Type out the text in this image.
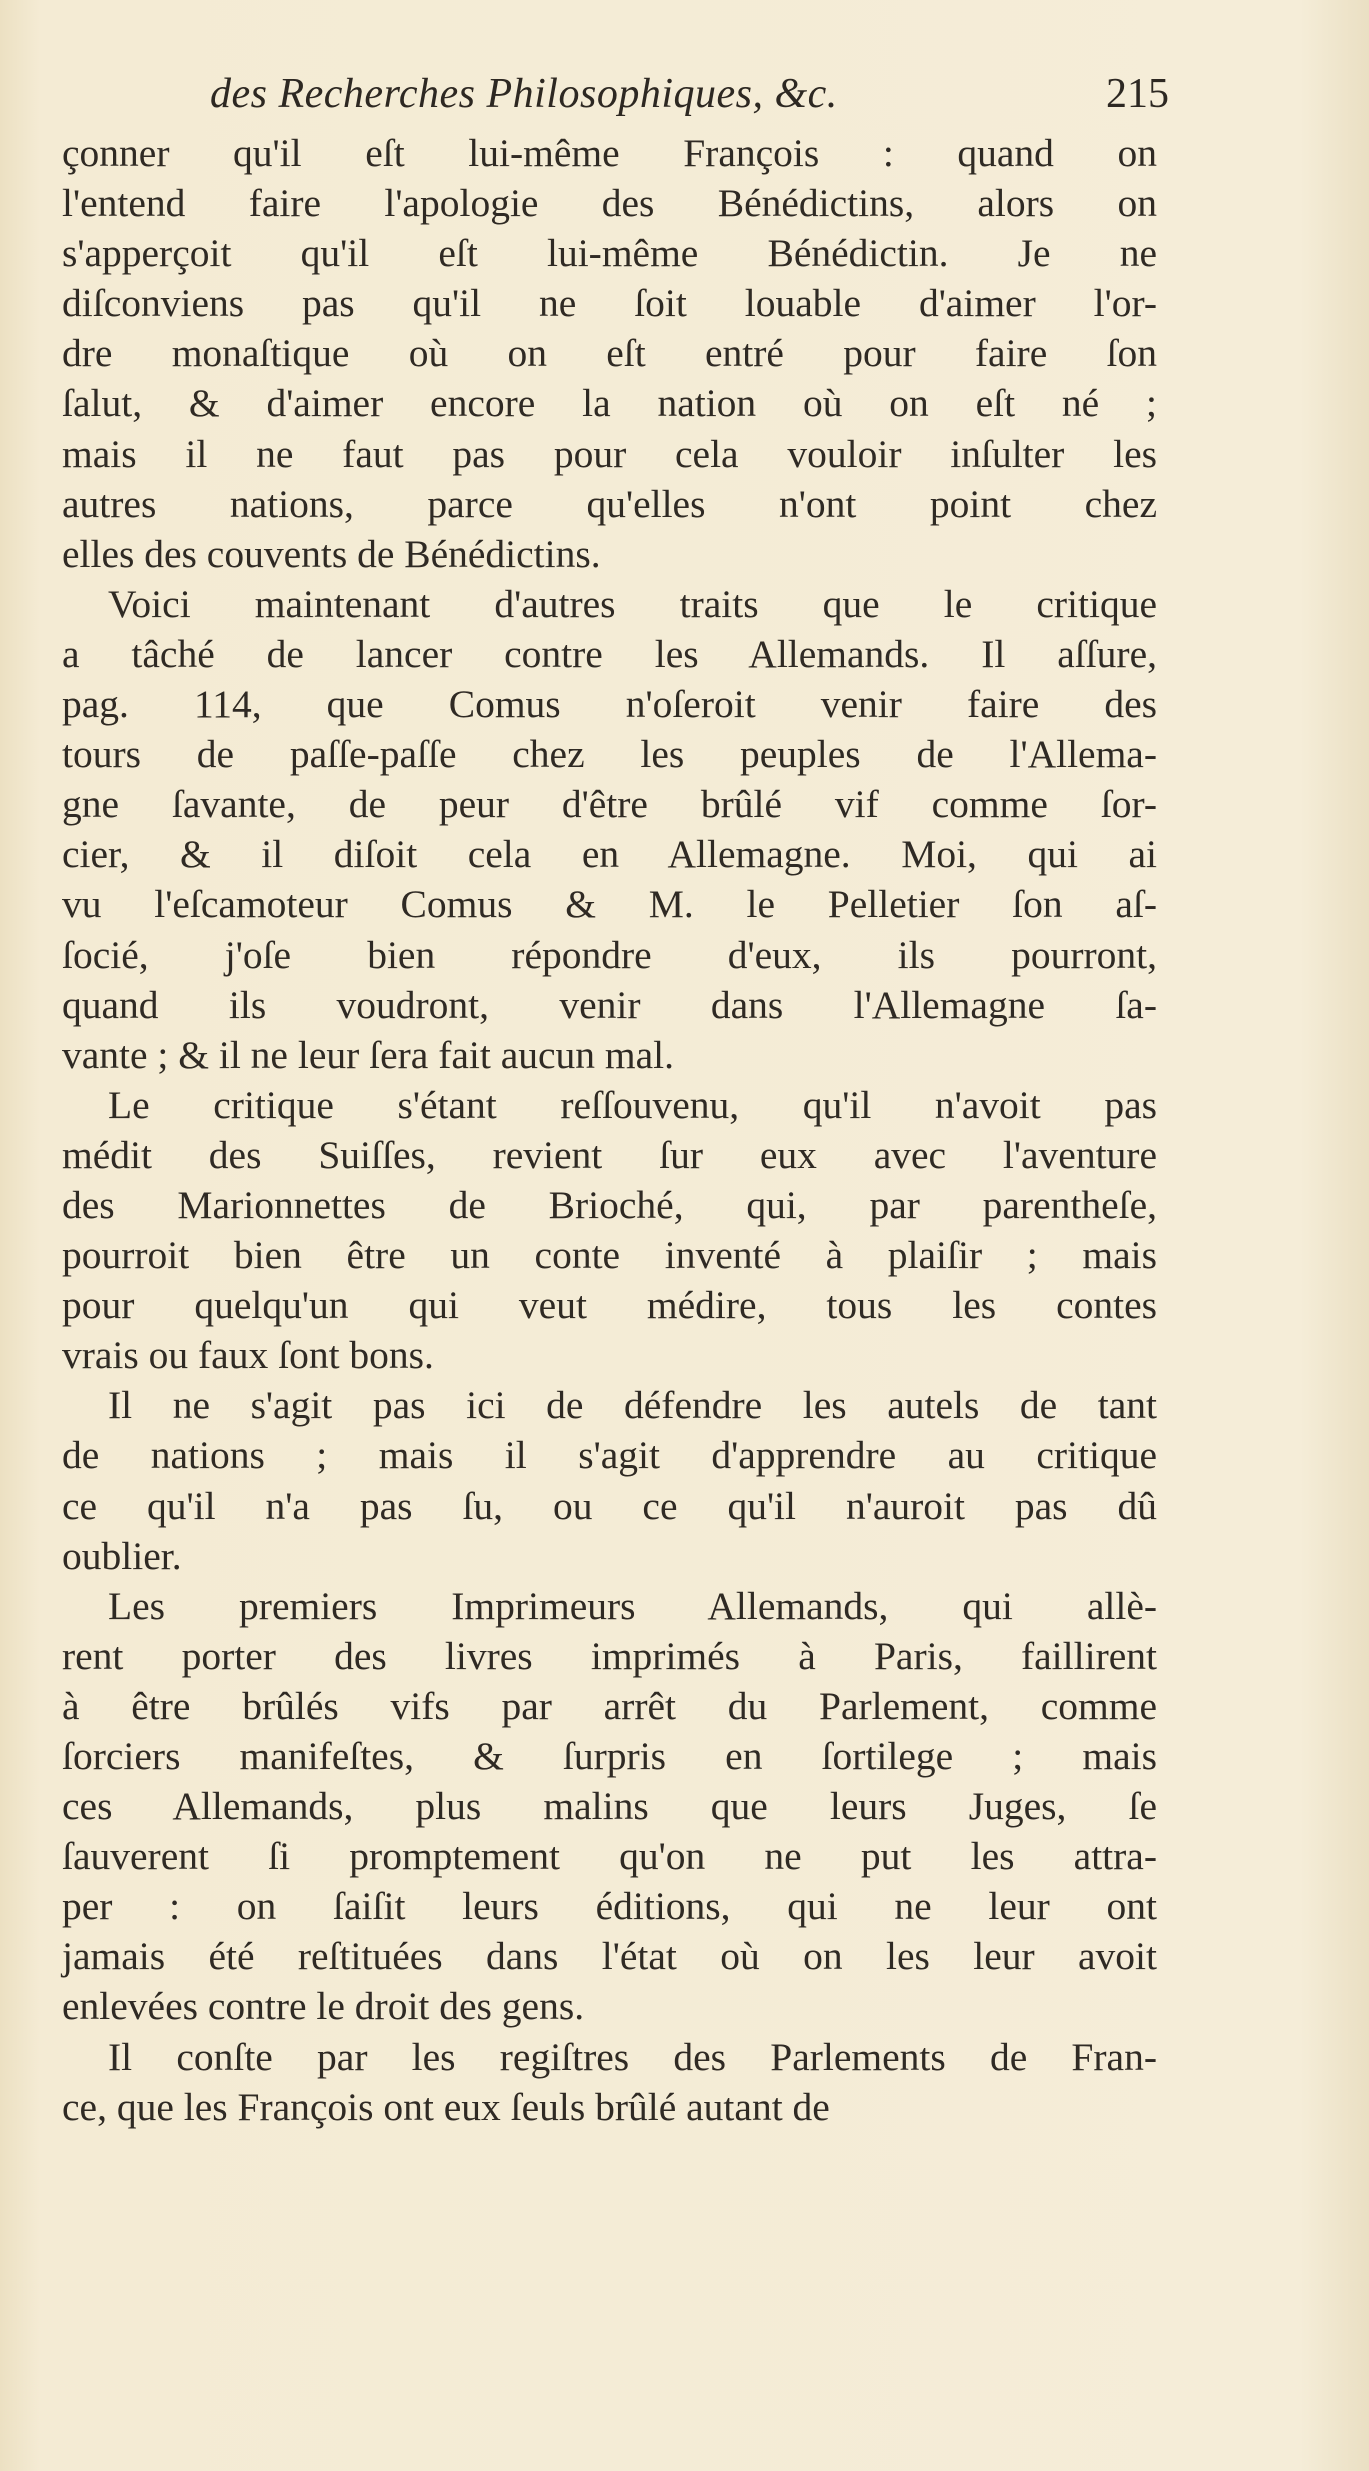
des Recherches Philosophiques, &c.	215

çonner qu'il eſt lui-même François : quand on
l'entend faire l'apologie des Bénédictins, alors on
s'apperçoit qu'il eſt lui-même Bénédictin. Je ne
diſconviens pas qu'il ne ſoit louable d'aimer l'or-
dre monaſtique où on eſt entré pour faire ſon
ſalut, & d'aimer encore la nation où on eſt né ;
mais il ne faut pas pour cela vouloir inſulter les
autres nations, parce qu'elles n'ont point chez
elles des couvents de Bénédictins.

Voici maintenant d'autres traits que le critique
a tâché de lancer contre les Allemands. Il aſſure,
pag. 114, que Comus n'oſeroit venir faire des
tours de paſſe-paſſe chez les peuples de l'Allema-
gne ſavante, de peur d'être brûlé vif comme ſor-
cier, & il diſoit cela en Allemagne. Moi, qui ai
vu l'eſcamoteur Comus & M. le Pelletier ſon aſ-
ſocié, j'oſe bien répondre d'eux, ils pourront,
quand ils voudront, venir dans l'Allemagne ſa-
vante ; & il ne leur ſera fait aucun mal.

Le critique s'étant reſſouvenu, qu'il n'avoit pas
médit des Suiſſes, revient ſur eux avec l'aventure
des Marionnettes de Brioché, qui, par parentheſe,
pourroit bien être un conte inventé à plaiſir ; mais
pour quelqu'un qui veut médire, tous les contes
vrais ou faux ſont bons.

Il ne s'agit pas ici de défendre les autels de tant
de nations ; mais il s'agit d'apprendre au critique
ce qu'il n'a pas ſu, ou ce qu'il n'auroit pas dû
oublier.

Les premiers Imprimeurs Allemands, qui allè-
rent porter des livres imprimés à Paris, faillirent
à être brûlés vifs par arrêt du Parlement, comme
ſorciers manifeſtes, & ſurpris en ſortilege ; mais
ces Allemands, plus malins que leurs Juges, ſe
ſauverent ſi promptement qu'on ne put les attra-
per : on ſaiſit leurs éditions, qui ne leur ont
jamais été reſtituées dans l'état où on les leur avoit
enlevées contre le droit des gens.

Il conſte par les regiſtres des Parlements de Fran-
ce, que les François ont eux ſeuls brûlé autant de
